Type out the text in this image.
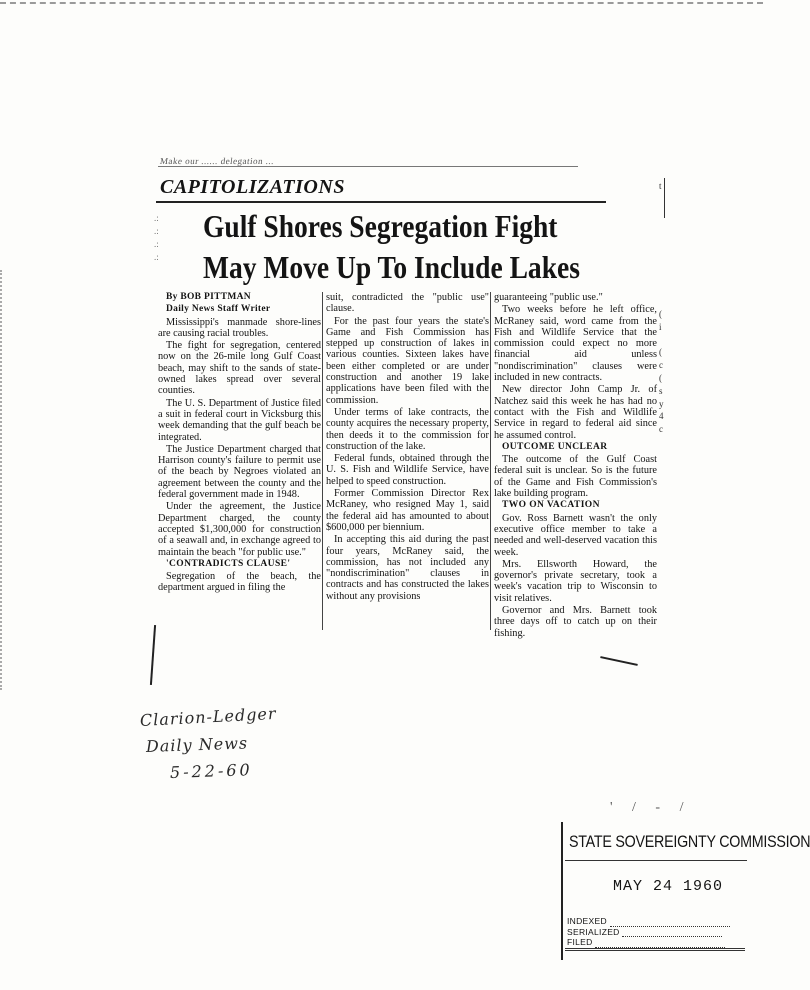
Make our ...... delegation ...
CAPITOLIZATIONS
.:
.:
.:
.:
Gulf Shores Segregation Fight
May Move Up To Include Lakes

By BOB PITTMAN

Daily News Staff Writer

Mississippi's manmade shore-lines are causing racial troubles.

The fight for segregation, centered now on the 26-mile long Gulf Coast beach, may shift to the sands of state-owned lakes spread over several counties.

The U. S. Department of Justice filed a suit in federal court in Vicksburg this week demanding that the gulf beach be integrated.

The Justice Department charged that Harrison county's failure to permit use of the beach by Negroes violated an agreement between the county and the federal government made in 1948.

Under the agreement, the Justice Department charged, the county accepted $1,300,000 for construction of a seawall and, in exchange agreed to maintain the beach "for public use."

'CONTRADICTS CLAUSE'

Segregation of the beach, the department argued in filing the

suit, contradicted the "public use" clause.

For the past four years the state's Game and Fish Commission has stepped up construction of lakes in various counties. Sixteen lakes have been either completed or are under construction and another 19 lake applications have been filed with the commission.

Under terms of lake contracts, the county acquires the necessary property, then deeds it to the commission for construction of the lake.

Federal funds, obtained through the U. S. Fish and Wildlife Service, have helped to speed construction.

Former Commission Director Rex McRaney, who resigned May 1, said the federal aid has amounted to about $600,000 per biennium.

In accepting this aid during the past four years, McRaney said, the commission, has not included any "nondiscrimination" clauses in contracts and has constructed the lakes without any provisions

guaranteeing "public use."

Two weeks before he left office, McRaney said, word came from the Fish and Wildlife Service that the commission could expect no more financial aid unless "nondiscrimination" clauses were included in new contracts.

New director John Camp Jr. of Natchez said this week he has had no contact with the Fish and Wildlife Service in regard to federal aid since he assumed control.

OUTCOME UNCLEAR

The outcome of the Gulf Coast federal suit is unclear. So is the future of the Game and Fish Commission's lake building program.

TWO ON VACATION

Gov. Ross Barnett wasn't the only executive office member to take a needed and well-deserved vacation this week.

Mrs. Ellsworth Howard, the governor's private secretary, took a week's vacation trip to Wisconsin to visit relatives.

Governor and Mrs. Barnett took three days off to catch up on their fishing.

t

(
i

(
c
(
s
y
4
c
Clarion-Ledger
Daily News
5-22-60
' / - /
STATE SOVEREIGNTY COMMISSION
MAY 24 1960
INDEXED
SERIALIZED
FILED
